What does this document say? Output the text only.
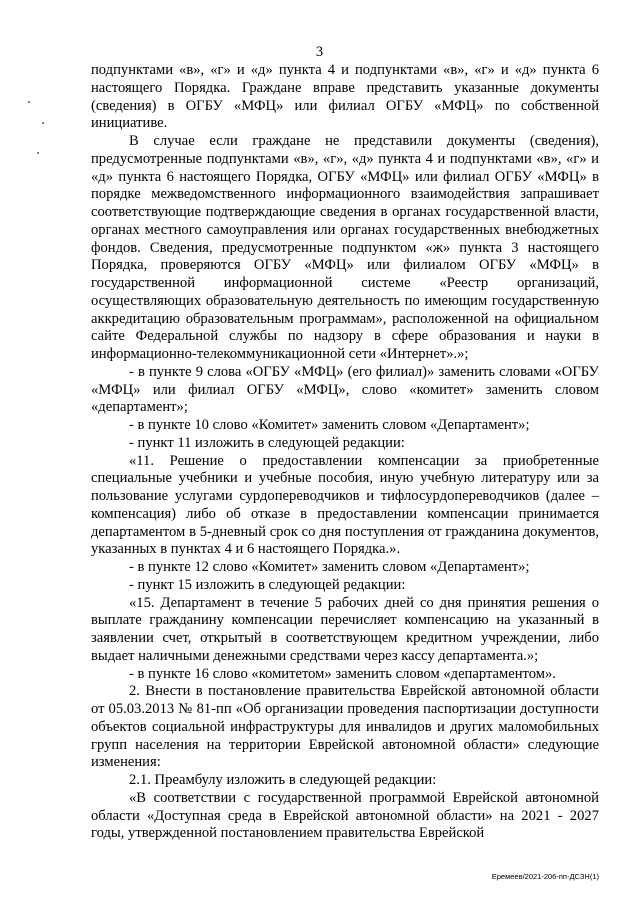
3

подпунктами «в», «г» и «д» пункта 4 и подпунктами «в», «г» и «д» пункта 6 настоящего Порядка. Граждане вправе представить указанные документы (сведения) в ОГБУ «МФЦ» или филиал ОГБУ «МФЦ» по собственной инициативе.

В случае если граждане не представили документы (сведения), предусмотренные подпунктами «в», «г», «д» пункта 4 и подпунктами «в», «г» и «д» пункта 6 настоящего Порядка, ОГБУ «МФЦ» или филиал ОГБУ «МФЦ» в порядке межведомственного информационного взаимодействия запрашивает соответствующие подтверждающие сведения в органах государственной власти, органах местного самоуправления или органах государственных внебюджетных фондов. Сведения, предусмотренные подпунктом «ж» пункта 3 настоящего Порядка, проверяются ОГБУ «МФЦ» или филиалом ОГБУ «МФЦ» в государственной информационной системе «Реестр организаций, осуществляющих образовательную деятельность по имеющим государственную аккредитацию образовательным программам», расположенной на официальном сайте Федеральной службы по надзору в сфере образования и науки в информационно-телекоммуникационной сети «Интернет».»;

- в пункте 9 слова «ОГБУ «МФЦ» (его филиал)» заменить словами «ОГБУ «МФЦ» или филиал ОГБУ «МФЦ», слово «комитет» заменить словом «департамент»;

- в пункте 10 слово «Комитет» заменить словом «Департамент»;

- пункт 11 изложить в следующей редакции:

«11. Решение о предоставлении компенсации за приобретенные специальные учебники и учебные пособия, иную учебную литературу или за пользование услугами сурдопереводчиков и тифлосурдопереводчиков (далее – компенсация) либо об отказе в предоставлении компенсации принимается департаментом в 5-дневный срок со дня поступления от гражданина документов, указанных в пунктах 4 и 6 настоящего Порядка.».

- в пункте 12 слово «Комитет» заменить словом «Департамент»;

- пункт 15 изложить в следующей редакции:

«15. Департамент в течение 5 рабочих дней со дня принятия решения о выплате гражданину компенсации перечисляет компенсацию на указанный в заявлении счет, открытый в соответствующем кредитном учреждении, либо выдает наличными денежными средствами через кассу департамента.»;

- в пункте 16 слово «комитетом» заменить словом «департаментом».

2. Внести в постановление правительства Еврейской автономной области от 05.03.2013 № 81-пп «Об организации проведения паспортизации доступности объектов социальной инфраструктуры для инвалидов и других маломобильных групп населения на территории Еврейской автономной области» следующие изменения:

2.1. Преамбулу изложить в следующей редакции:

«В соответствии с государственной программой Еврейской автономной области «Доступная среда в Еврейской автономной области» на 2021 - 2027 годы, утвержденной постановлением правительства Еврейской

Еремеев/2021-206-пп-ДСЗН(1)
